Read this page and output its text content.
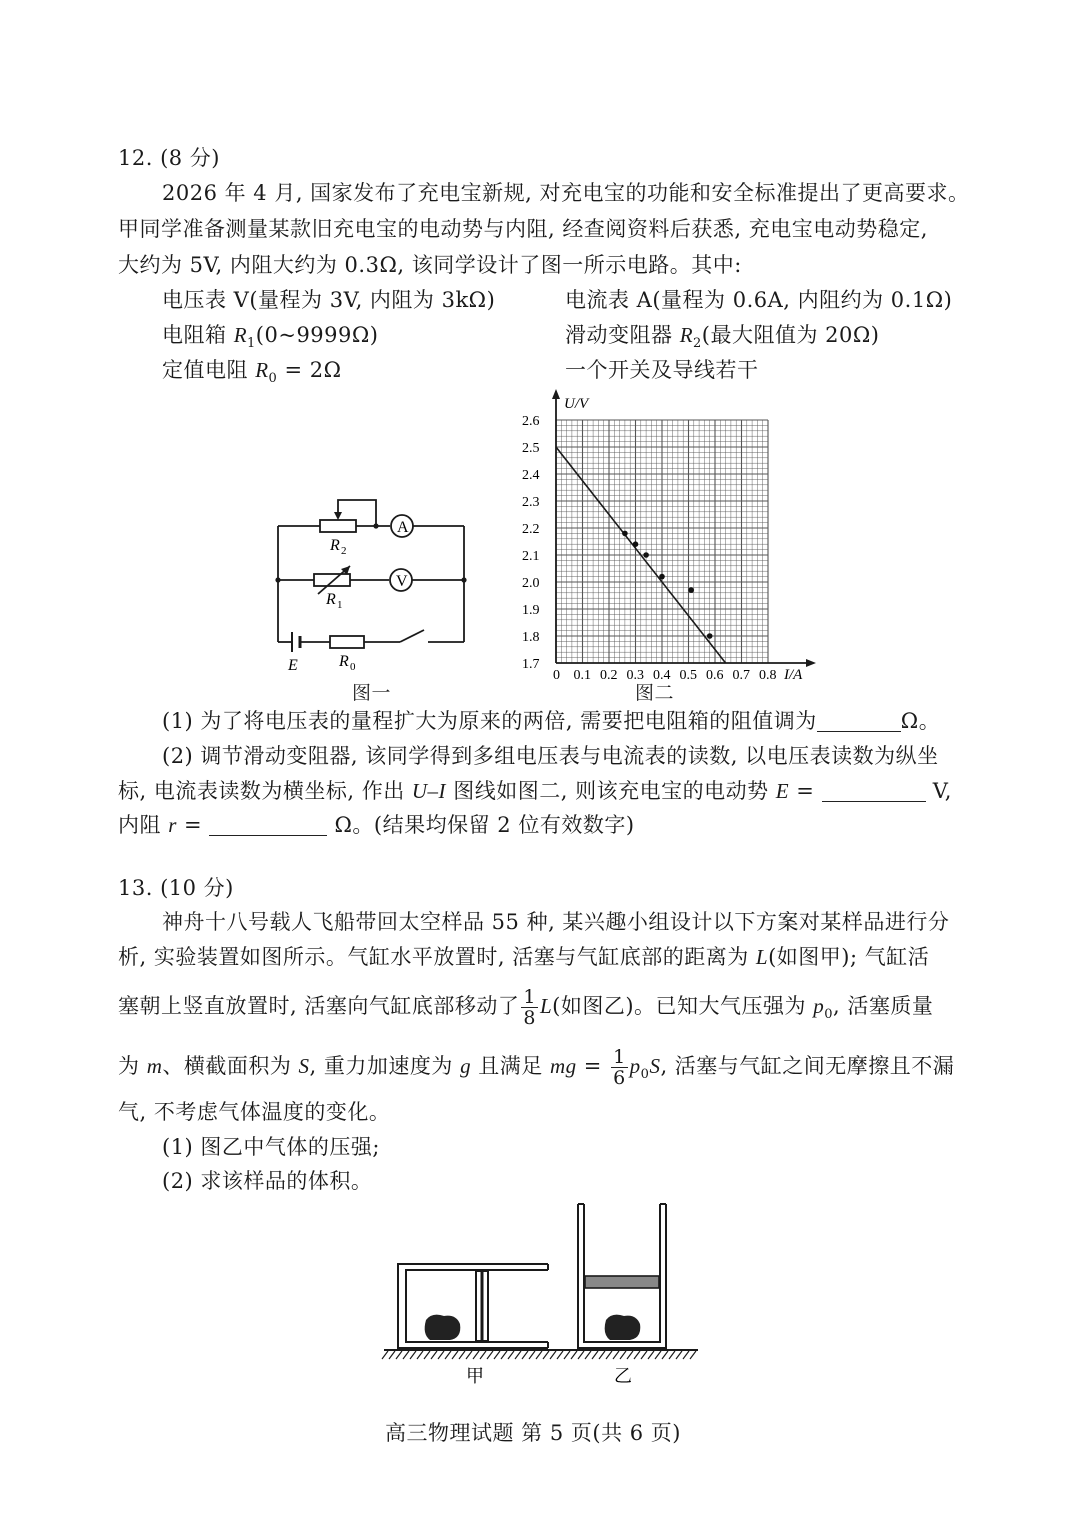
12. (8 分)
2026 年 4 月, 国家发布了充电宝新规, 对充电宝的功能和安全标准提出了更高要求。
甲同学准备测量某款旧充电宝的电动势与内阻, 经查阅资料后获悉, 充电宝电动势稳定,
大约为 5V, 内阻大约为 0.3Ω, 该同学设计了图一所示电路。其中:
电压表 V(量程为 3V, 内阻为 3kΩ)	电流表 A(量程为 0.6A, 内阻约为 0.1Ω)
电阻箱 $R_1(0\sim 9999\Omega)$	滑动变阻器 $R_2$(最大阻值为 20Ω)
定值电阻 $R_0 = 2\Omega$	一个开关及导线若干
A
V
R 2
R 1
R 0
E
0 0.1 0.2 0.3 0.4 0.5 0.6 0.7 0.8
1.7
1.8
1.9
2.0
2.1
2.2
2.3
2.4
2.5
2.6
U/V
I/A
图一	图二
(1) 为了将电压表的量程扩大为原来的两倍, 需要把电阻箱的阻值调为	Ω。
(2) 调节滑动变阻器, 该同学得到多组电压表与电流表的读数, 以电压表读数为纵坐
标, 电流表读数为横坐标, 作出 U–I 图线如图二, 则该充电宝的电动势 E =	V,
内阻 r =	Ω。(结果均保留 2 位有效数字)
13. (10 分)
神舟十八号载人飞船带回太空样品 55 种, 某兴趣小组设计以下方案对某样品进行分
析, 实验装置如图所示。气缸水平放置时, 活塞与气缸底部的距离为 L(如图甲); 气缸活
塞朝上竖直放置时, 活塞向气缸底部移动了 $\frac{1}{8} L$(如图乙)。已知大气压强为 $p_0$, 活塞质量
为 m、横截面积为 S, 重力加速度为 g 且满足 mg = $\frac{1}{6} p_0S$, 活塞与气缸之间无摩擦且不漏
气, 不考虑气体温度的变化。
(1) 图乙中气体的压强;
(2) 求该样品的体积。
甲	乙
高三物理试题 第 5 页(共 6 页)
